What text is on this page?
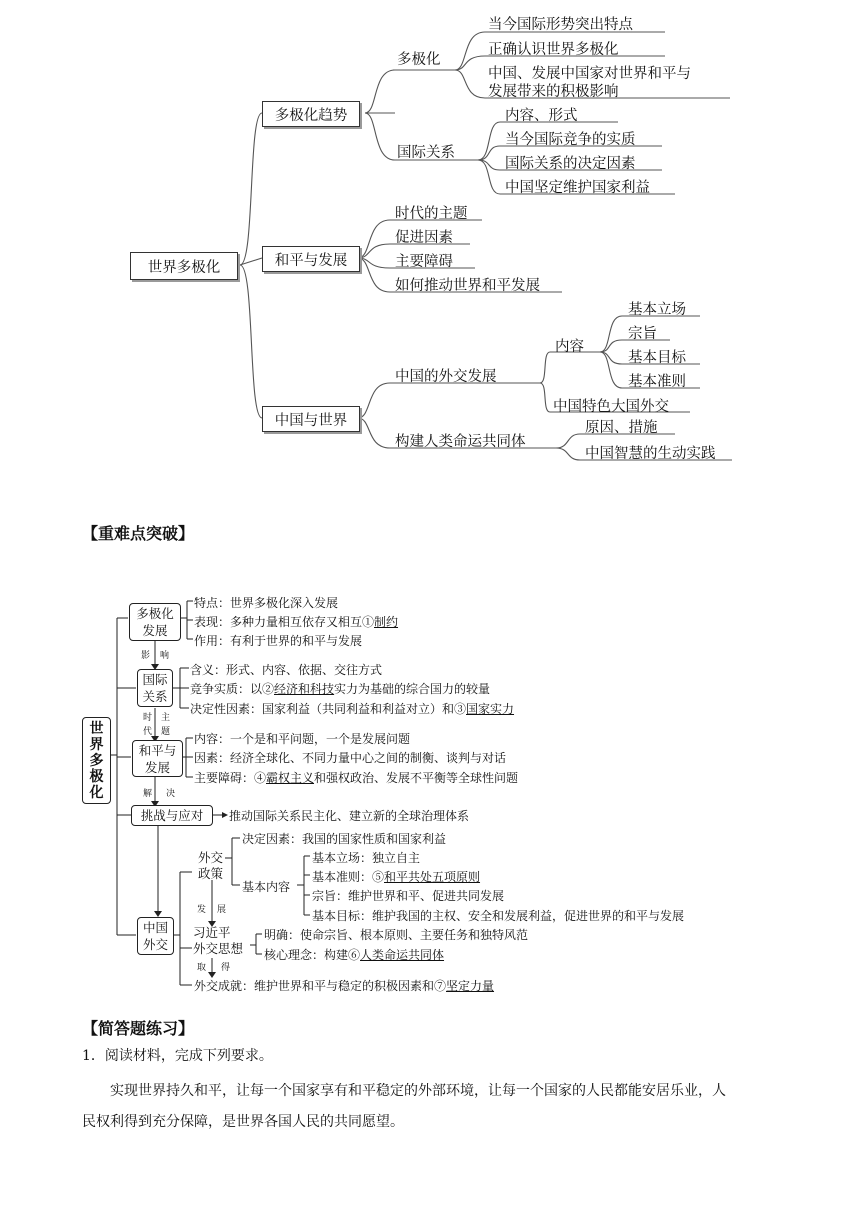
世界多极化
多极化趋势
和平与发展
中国与世界
多极化
当今国际形势突出特点
正确认识世界多极化
中国、发展中国家对世界和平与
发展带来的积极影响
国际关系
内容、形式
当今国际竞争的实质
国际关系的决定因素
中国坚定维护国家利益
时代的主题
促进因素
主要障碍
如何推动世界和平发展
中国的外交发展
内容
基本立场
宗旨
基本目标
基本准则
中国特色大国外交
构建人类命运共同体
原因、措施
中国智慧的生动实践
【重难点突破】
世
界
多
极
化
多极化
发展
特点：世界多极化深入发展
表现：多种力量相互依存又相互①制约
作用：有利于世界的和平与发展
影 响
国际
关系
含义：形式、内容、依据、交往方式
竞争实质：以②经济和科技实力为基础的综合国力的较量
决定性因素：国家利益（共同利益和利益对立）和③国家实力
时
代
主
题
和平与
发展
内容：一个是和平问题，一个是发展问题
因素：经济全球化、不同力量中心之间的制衡、谈判与对话
主要障碍：④霸权主义和强权政治、发展不平衡等全球性问题
解 决
挑战与应对 推动国际关系民主化、建立新的全球治理体系
中国
外交
外交
政策
决定因素：我国的国家性质和国家利益
基本内容
基本立场：独立自主
基本准则：⑤和平共处五项原则
宗旨：维护世界和平、促进共同发展
基本目标：维护我国的主权、安全和发展利益，促进世界的和平与发展
发 展
习近平
外交思想
明确：使命宗旨、根本原则、主要任务和独特风范
核心理念：构建⑥人类命运共同体
取 得
外交成就：维护世界和平与稳定的积极因素和⑦坚定力量
【简答题练习】
1．阅读材料，完成下列要求。
实现世界持久和平，让每一个国家享有和平稳定的外部环境，让每一个国家的人民都能安居乐业，人
民权利得到充分保障，是世界各国人民的共同愿望。
